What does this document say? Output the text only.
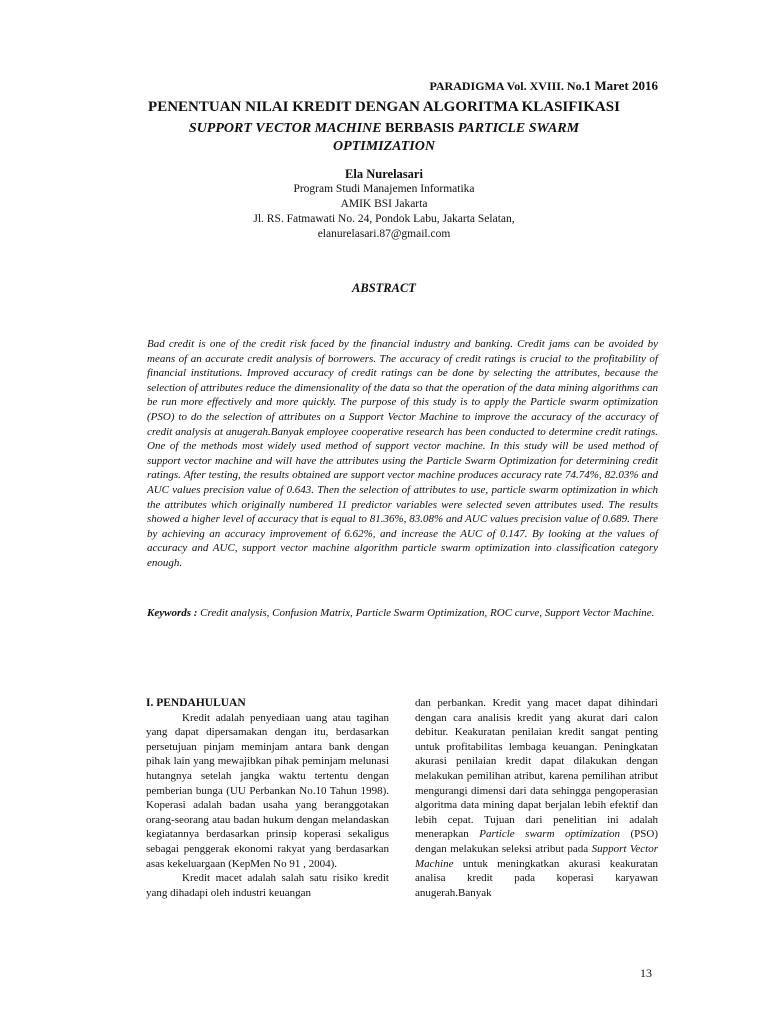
PARADIGMA Vol. XVIII. No.1 Maret 2016
PENENTUAN NILAI KREDIT DENGAN ALGORITMA KLASIFIKASI
SUPPORT VECTOR MACHINE BERBASIS PARTICLE SWARM
OPTIMIZATION
Ela Nurelasari
Program Studi Manajemen Informatika
AMIK BSI Jakarta
Jl. RS. Fatmawati No. 24, Pondok Labu, Jakarta Selatan,
elanurelasari.87@gmail.com
ABSTRACT

Bad credit is one of the credit risk faced by the financial industry and banking. Credit jams can be avoided by means of an accurate credit analysis of borrowers. The accuracy of credit ratings is crucial to the profitability of financial institutions. Improved accuracy of credit ratings can be done by selecting the attributes, because the selection of attributes reduce the dimensionality of the data so that the operation of the data mining algorithms can be run more effectively and more quickly. The purpose of this study is to apply the Particle swarm optimization (PSO) to do the selection of attributes on a Support Vector Machine to improve the accuracy of the accuracy of credit analysis at anugerah.Banyak employee cooperative research has been conducted to determine credit ratings. One of the methods most widely used method of support vector machine. In this study will be used method of support vector machine and will have the attributes using the Particle Swarm Optimization for determining credit ratings. After testing, the results obtained are support vector machine produces accuracy rate 74.74%, 82.03% and AUC values precision value of 0.643. Then the selection of attributes to use, particle swarm optimization in which the attributes which originally numbered 11 predictor variables were selected seven attributes used. The results showed a higher level of accuracy that is equal to 81.36%, 83.08% and AUC values precision value of 0.689. There by achieving an accuracy improvement of 6.62%, and increase the AUC of 0.147. By looking at the values of accuracy and AUC, support vector machine algorithm particle swarm optimization into classification category enough.

Keywords : Credit analysis, Confusion Matrix, Particle Swarm Optimization, ROC curve, Support Vector Machine.

I. PENDAHULUAN

Kredit adalah penyediaan uang atau tagihan yang dapat dipersamakan dengan itu, berdasarkan persetujuan pinjam meminjam antara bank dengan pihak lain yang mewajibkan pihak peminjam melunasi hutangnya setelah jangka waktu tertentu dengan pemberian bunga (UU Perbankan No.10 Tahun 1998). Koperasi adalah badan usaha yang beranggotakan orang-seorang atau badan hukum dengan melandaskan kegiatannya berdasarkan prinsip koperasi sekaligus sebagai penggerak ekonomi rakyat yang berdasarkan asas kekeluargaan (KepMen No 91 , 2004).

Kredit macet adalah salah satu risiko kredit yang dihadapi oleh industri keuangan

dan perbankan. Kredit yang macet dapat dihindari dengan cara analisis kredit yang akurat dari calon debitur. Keakuratan penilaian kredit sangat penting untuk profitabilitas lembaga keuangan. Peningkatan akurasi penilaian kredit dapat dilakukan dengan melakukan pemilihan atribut, karena pemilihan atribut mengurangi dimensi dari data sehingga pengoperasian algoritma data mining dapat berjalan lebih efektif dan lebih cepat. Tujuan dari penelitian ini adalah menerapkan Particle swarm optimization (PSO) dengan melakukan seleksi atribut pada Support Vector Machine untuk meningkatkan akurasi keakuratan analisa kredit pada koperasi karyawan anugerah.Banyak

13
